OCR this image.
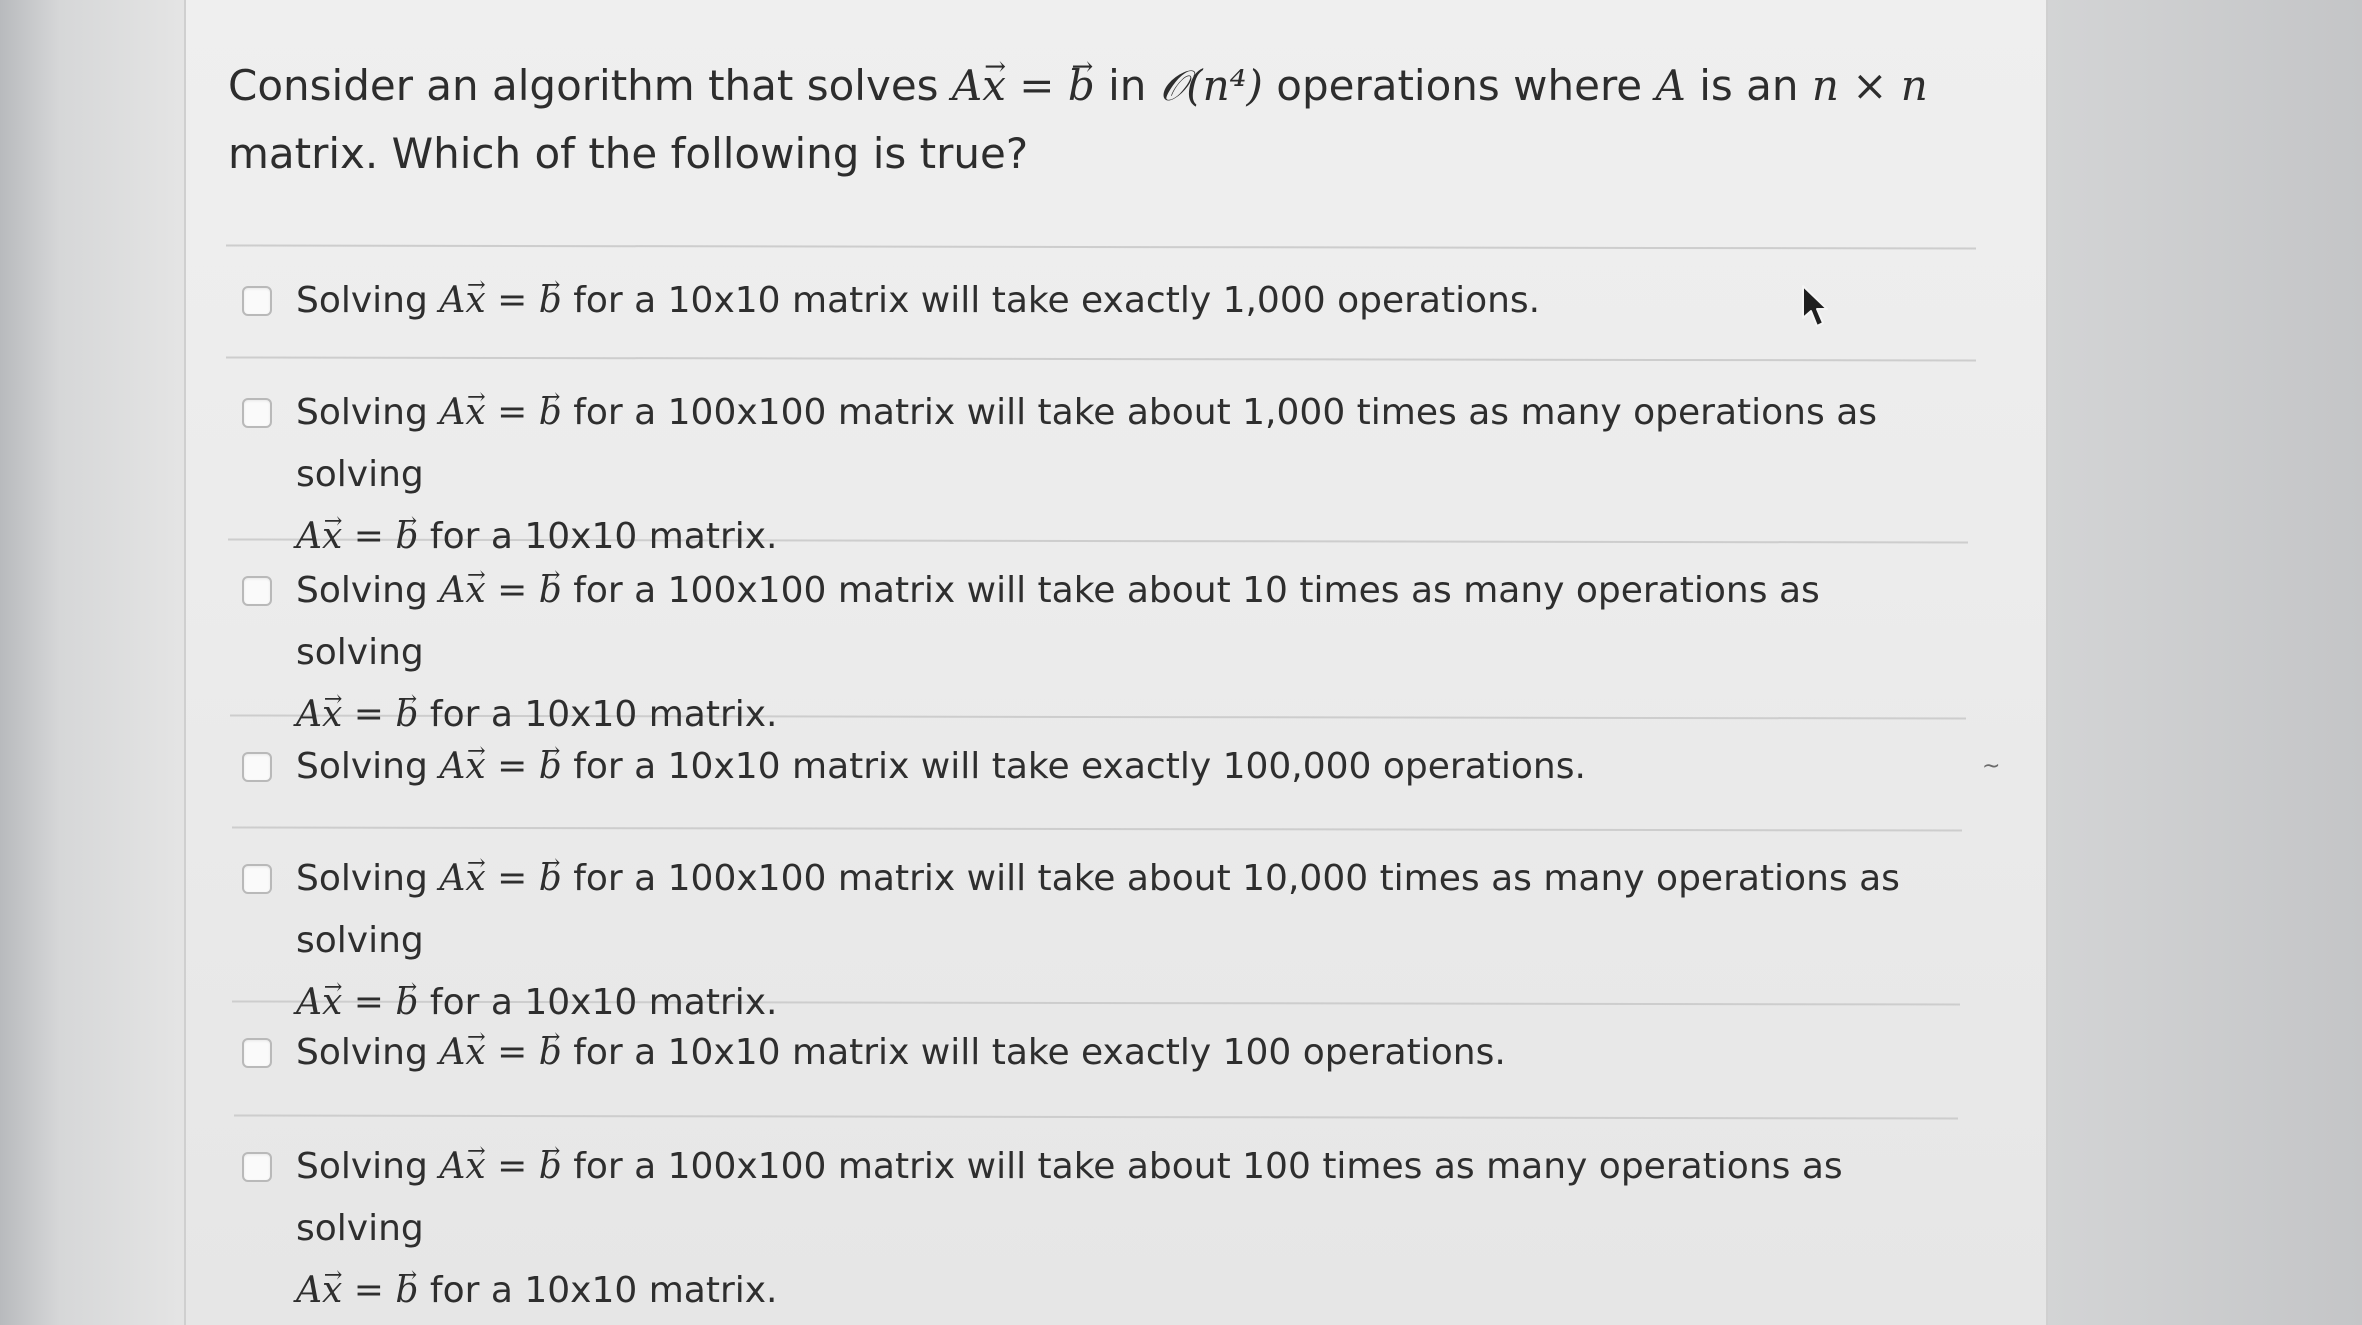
Consider an algorithm that solves A→ x = → b in 𝒪(n⁴) operations where A is an n × n
matrix. Which of the following is true?
Solving A→ x = → b for a 10x10 matrix will take exactly 1,000 operations.
Solving A→ x = → b for a 100x100 matrix will take about 1,000 times as many operations as solving
A→ x = → b for a 10x10 matrix.
Solving A→ x = → b for a 100x100 matrix will take about 10 times as many operations as solving
A→ x = → b for a 10x10 matrix.
Solving A→ x = → b for a 10x10 matrix will take exactly 100,000 operations.
Solving A→ x = → b for a 100x100 matrix will take about 10,000 times as many operations as solving
A→ x = → b for a 10x10 matrix.
Solving A→ x = → b for a 10x10 matrix will take exactly 100 operations.
Solving A→ x = → b for a 100x100 matrix will take about 100 times as many operations as solving
A→ x = → b for a 10x10 matrix.
~
